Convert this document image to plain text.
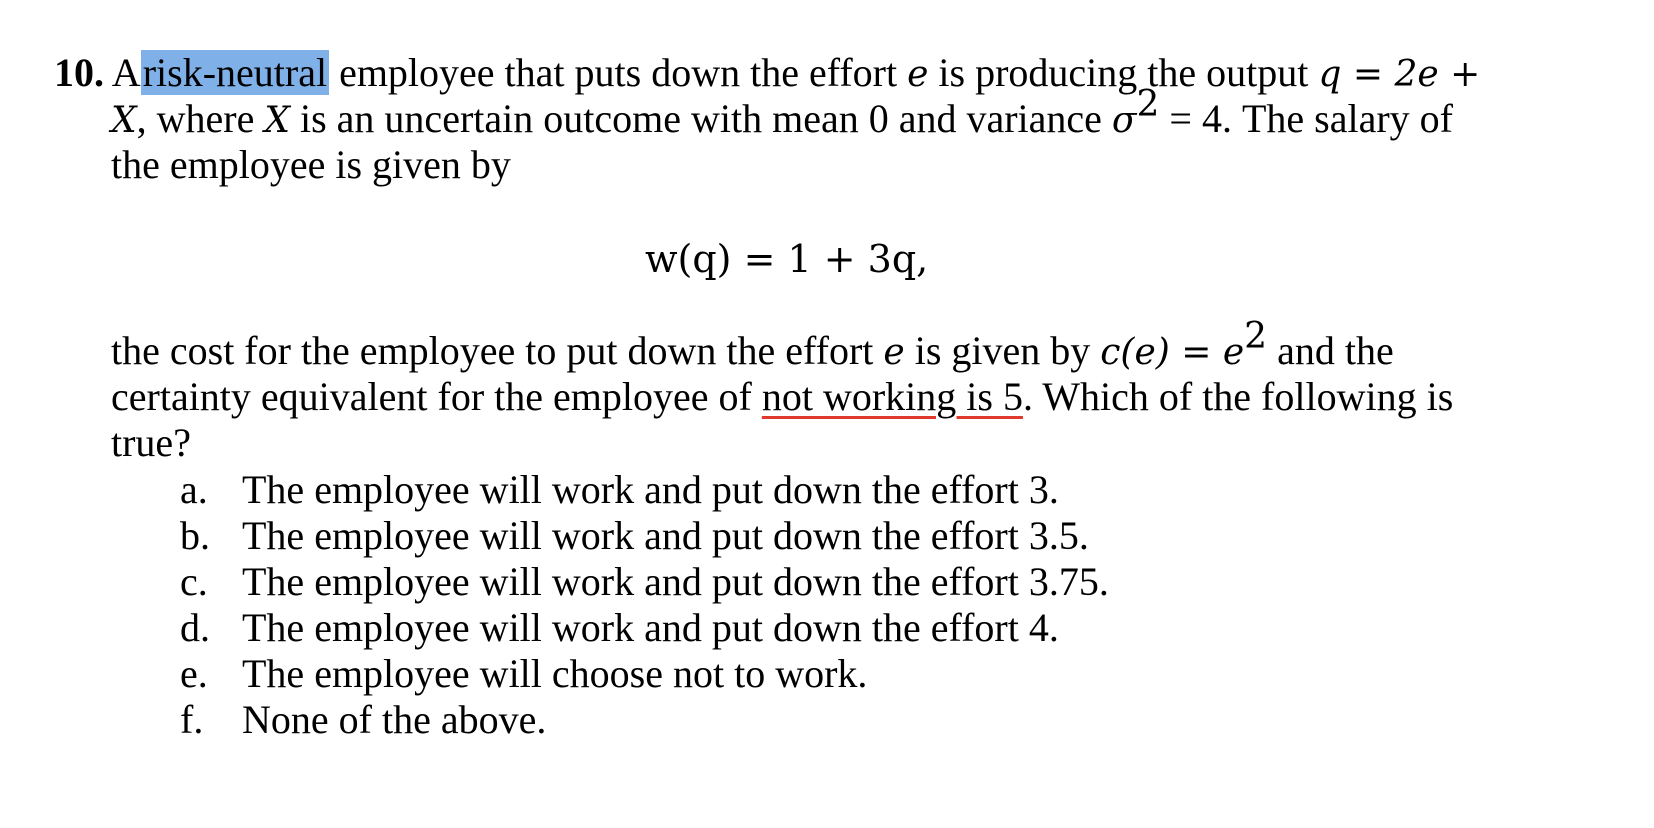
10. Arisk-neutral employee that puts down the effort e is producing the output q = 2e +
X, where X is an uncertain outcome with mean 0 and variance $\sigma^2 = 4$. The salary of
the employee is given by
w(q) = 1 + 3q,
the cost for the employee to put down the effort e is given by $c(e) = e^2$ and the
certainty equivalent for the employee of not working is 5. Which of the following is
true?
a. The employee will work and put down the effort 3.
b. The employee will work and put down the effort 3.5.
c. The employee will work and put down the effort 3.75.
d. The employee will work and put down the effort 4.
e. The employee will choose not to work.
f. None of the above.
